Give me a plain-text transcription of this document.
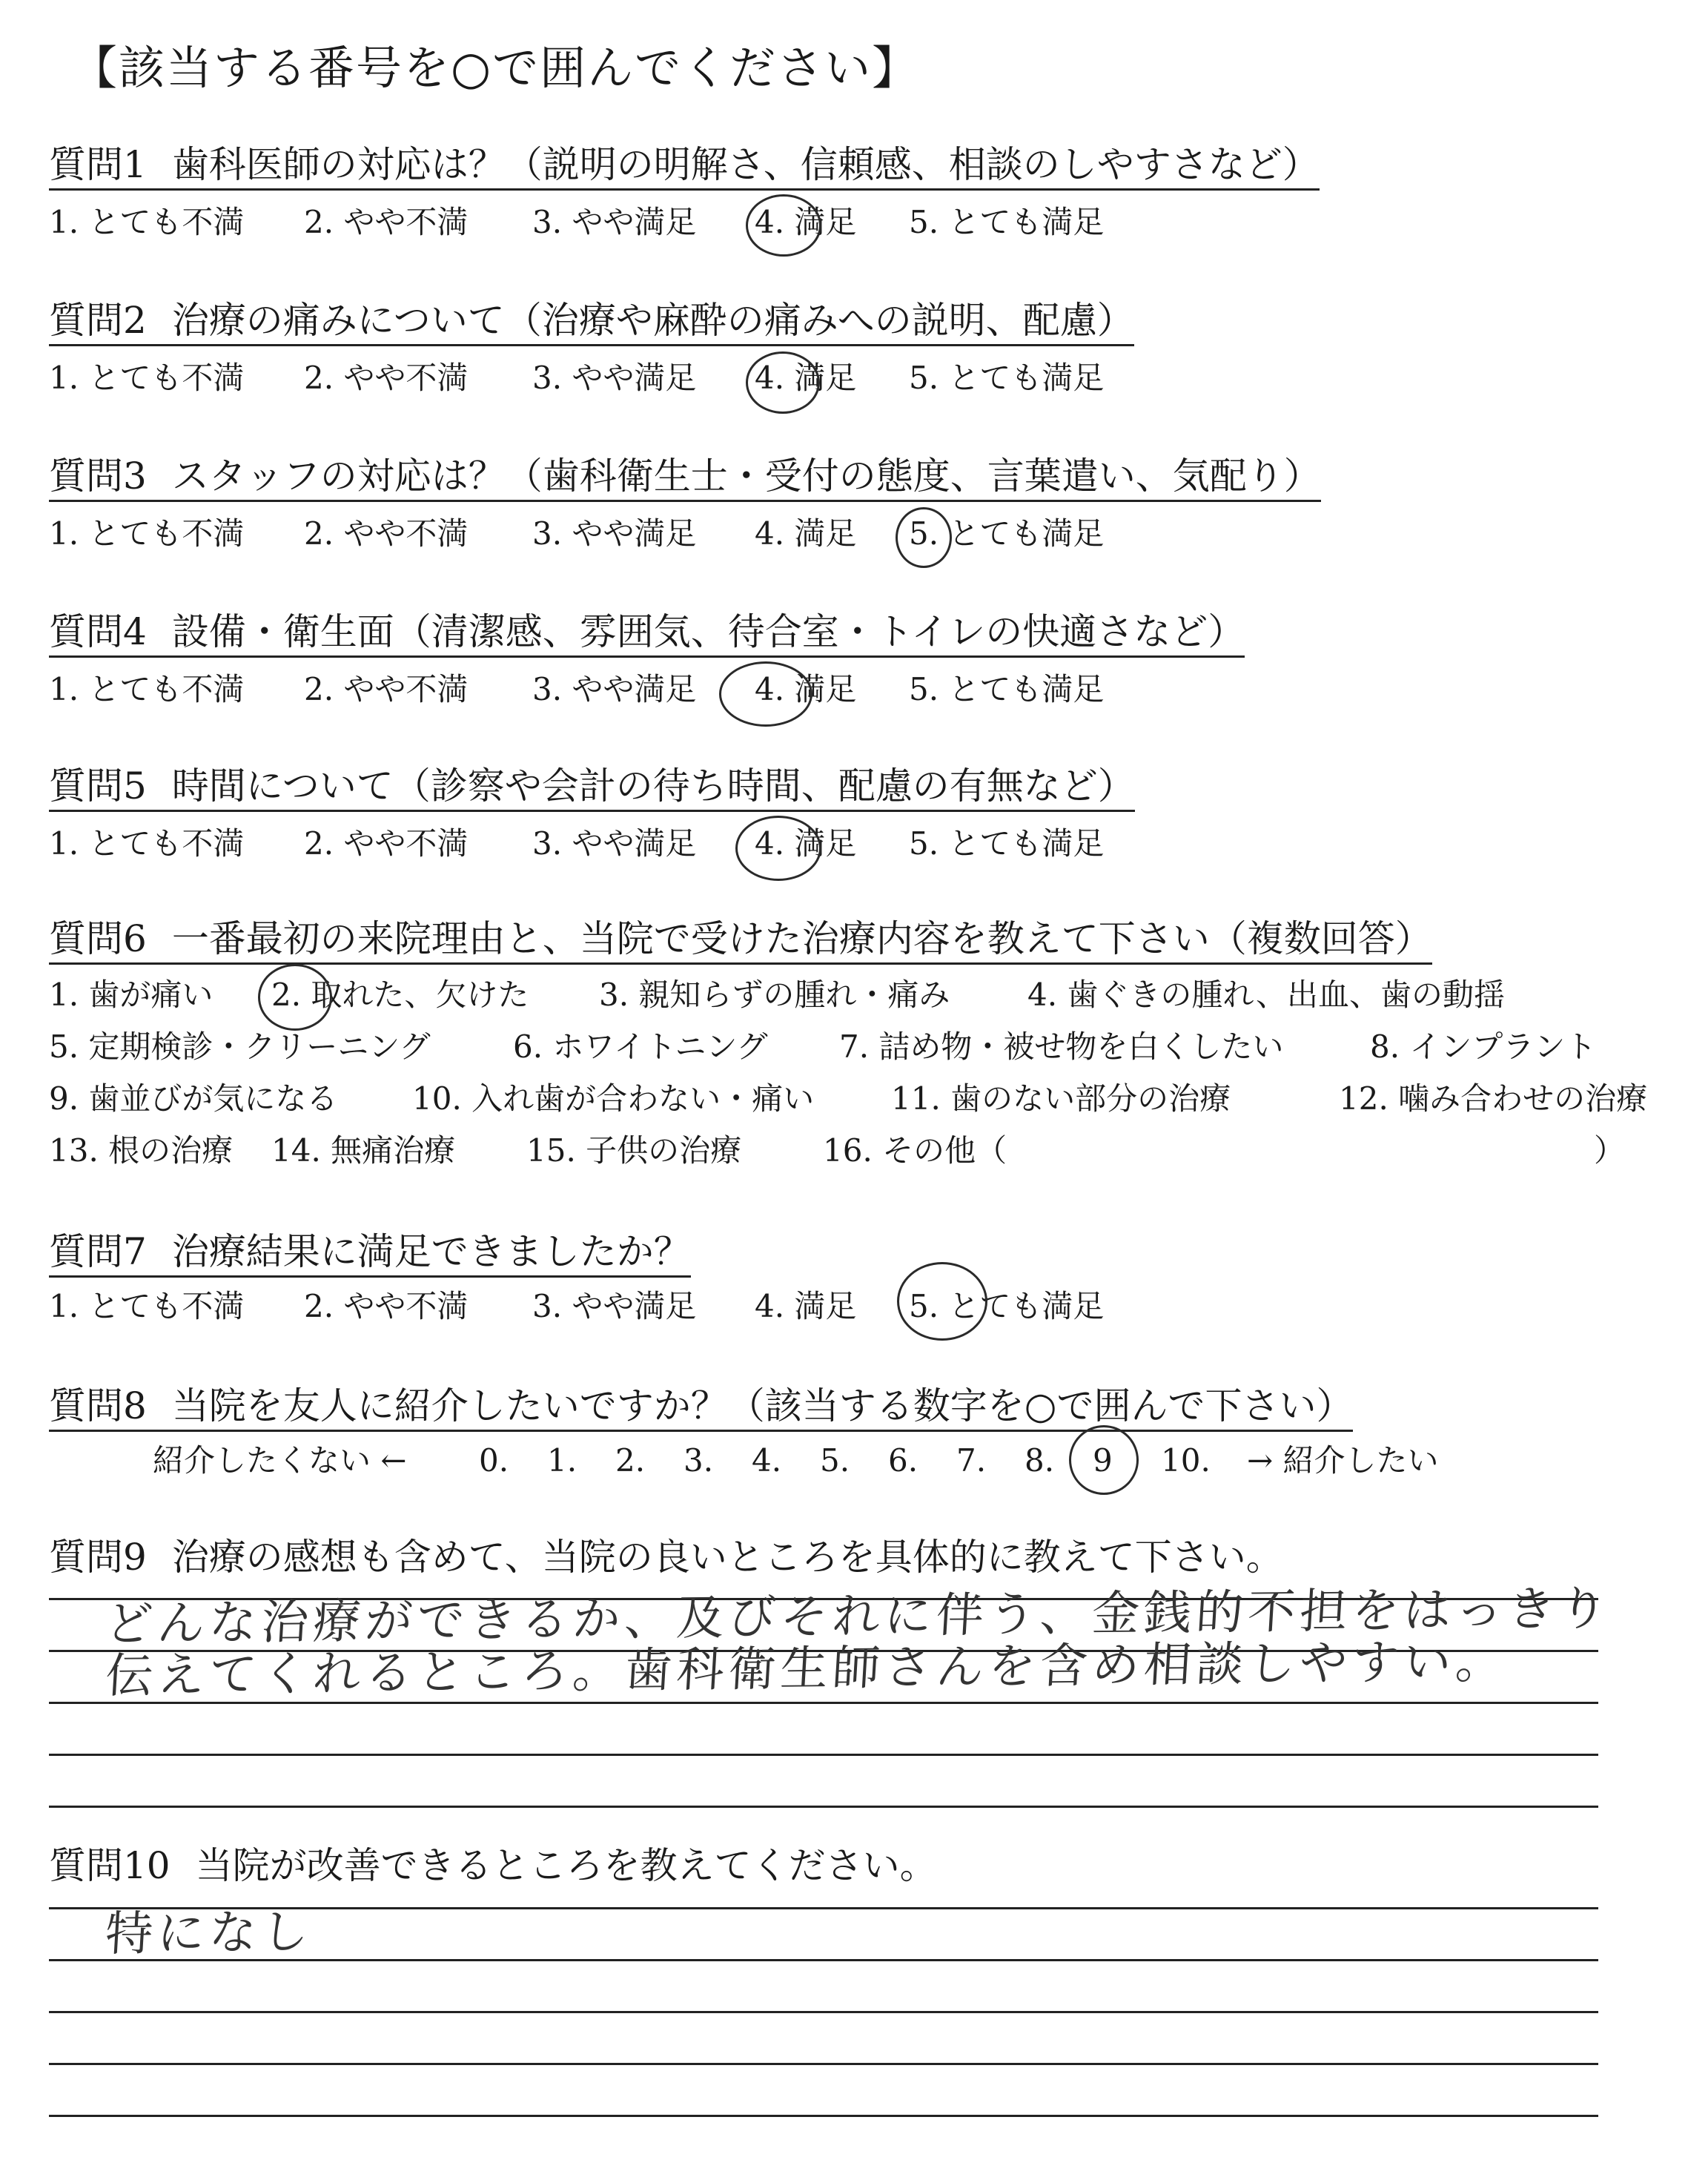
【該当する番号を○で囲んでください】
質問1 歯科医師の対応は？（説明の明解さ、信頼感、相談のしやすさなど）
1. とても不満 2. やや不満 3. やや満足 4. 満足 5. とても満足
質問2 治療の痛みについて（治療や麻酔の痛みへの説明、配慮）
1. とても不満 2. やや不満 3. やや満足 4. 満足 5. とても満足
質問3 スタッフの対応は？（歯科衛生士・受付の態度、言葉遣い、気配り）
1. とても不満 2. やや不満 3. やや満足 4. 満足 5. とても満足
質問4 設備・衛生面（清潔感、雰囲気、待合室・トイレの快適さなど）
1. とても不満 2. やや不満 3. やや満足 4. 満足 5. とても満足
質問5 時間について（診察や会計の待ち時間、配慮の有無など）
1. とても不満 2. やや不満 3. やや満足 4. 満足 5. とても満足
質問6 一番最初の来院理由と、当院で受けた治療内容を教えて下さい（複数回答）
1. 歯が痛い 2. 取れた、欠けた 3. 親知らずの腫れ・痛み 4. 歯ぐきの腫れ、出血、歯の動揺
5. 定期検診・クリーニング	6. ホワイトニング 7. 詰め物・被せ物を白くしたい	8. インプラント
9. 歯並びが気になる 10. 入れ歯が合わない・痛い 11. 歯のない部分の治療	12. 噛み合わせの治療
13. 根の治療 14. 無痛治療 15. 子供の治療	16. その他（	）
質問7 治療結果に満足できましたか？
1. とても不満 2. やや不満 3. やや満足 4. 満足 5. とても満足
質問8 当院を友人に紹介したいですか？（該当する数字を○で囲んで下さい）
紹介したくない ← 0. 1. 2. 3. 4. 5. 6. 7. 8. 9 10. → 紹介したい
質問9 治療の感想も含めて、当院の良いところを具体的に教えて下さい。
どんな治療ができるか、及びそれに伴う、金銭的不担をはっきり
伝えてくれるところ。歯科衛生師さんを含め相談しやすい。
質問10 当院が改善できるところを教えてください。
特になし
